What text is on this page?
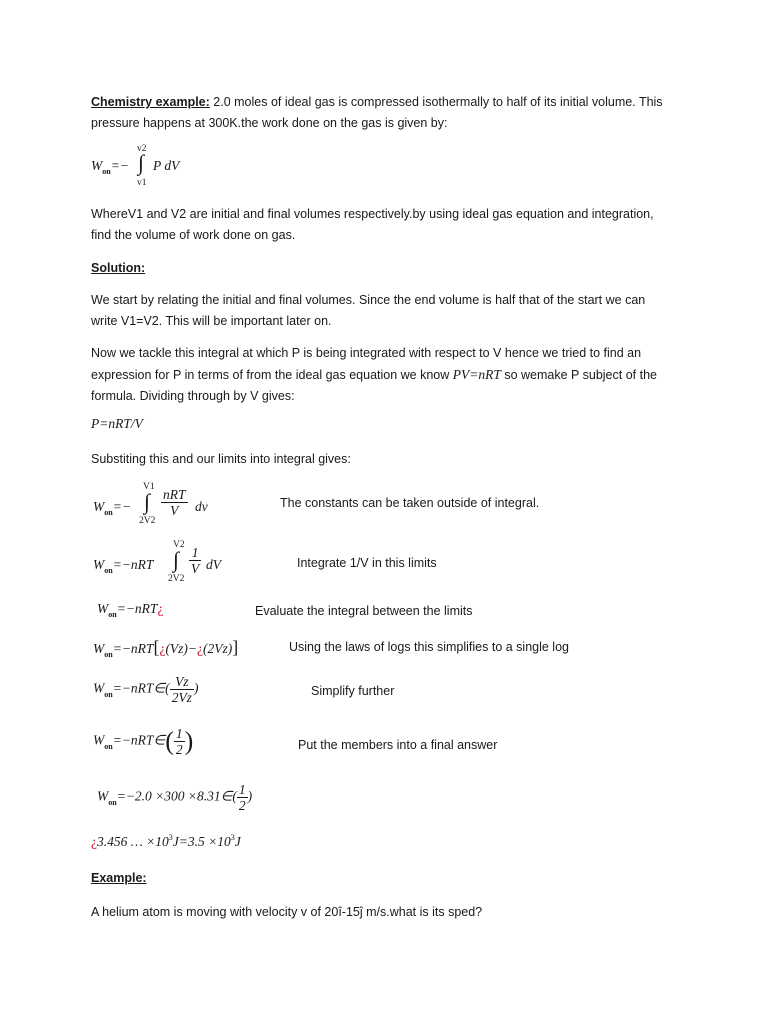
Chemistry example: 2.0 moles of ideal gas is compressed isothermally to half of its initial volume. This
pressure happens at 300K.the work done on the gas is given by:
$W_{on}=-$
v2
∫
v1
P dV
WhereV1 and V2 are initial and final volumes respectively.by using ideal gas equation and integration,
find the volume of work done on gas.
Solution:
We start by relating the initial and final volumes. Since the end volume is half that of the start we can
write V1=V2. This will be important later on.
Now we tackle this integral at which P is being integrated with respect to V hence we tried to find an
expression for P in terms of from the ideal gas equation we know PV=nRT so wemake P subject of the
formula. Dividing through by V gives:
P=nRT/V
Substiting this and our limits into integral gives:
$W_{on}=-$
V1
∫
2V2
nRT
V	dv	The constants can be taken outside of integral.
$W_{on}=-nRT$
V2
∫
2V2
$\frac{1}{V}$ dV	Integrate 1/V in this limits
$W_{on}=-nRT¿$	Evaluate the integral between the limits
$W_{on}=-nRT[¿(Vz)-¿(2Vz)]$	Using the laws of logs this simplifies to a single log
$W_{on}=-nRT\in( \frac{Vz}{2Vz}$ )	Simplify further
$W_{on}=-nRT\in( \frac{1}{2}$ )	Put the members into a final answer
$W_{on}=-2.0 \times 300$ ×8.31∈( $\frac{1}{2}$ )
¿3.456 … $\times 10^3J=3.5 \times 10^3J$
Example:
A helium atom is moving with velocity v of 20î-15ĵ m/s.what is its sped?
